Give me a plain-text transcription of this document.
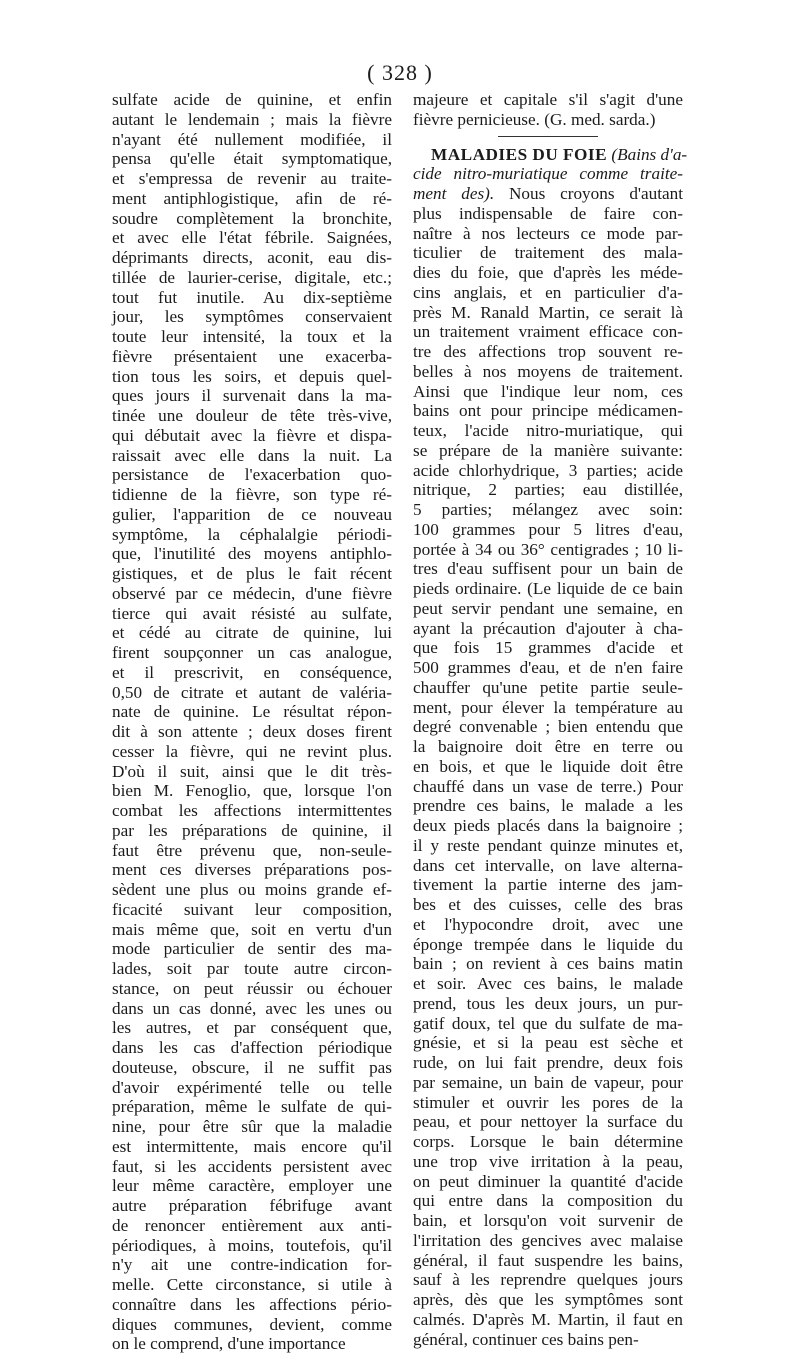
( 328 )
sulfate acide de quinine, et enfin
autant le lendemain ; mais la fièvre
n'ayant été nullement modifiée, il
pensa qu'elle était symptomatique,
et s'empressa de revenir au traite-
ment antiphlogistique, afin de ré-
soudre complètement la bronchite,
et avec elle l'état fébrile. Saignées,
déprimants directs, aconit, eau dis-
tillée de laurier-cerise, digitale, etc.;
tout fut inutile. Au dix-septième
jour, les symptômes conservaient
toute leur intensité, la toux et la
fièvre présentaient une exacerba-
tion tous les soirs, et depuis quel-
ques jours il survenait dans la ma-
tinée une douleur de tête très-vive,
qui débutait avec la fièvre et dispa-
raissait avec elle dans la nuit. La
persistance de l'exacerbation quo-
tidienne de la fièvre, son type ré-
gulier, l'apparition de ce nouveau
symptôme, la céphalalgie périodi-
que, l'inutilité des moyens antiphlo-
gistiques, et de plus le fait récent
observé par ce médecin, d'une fièvre
tierce qui avait résisté au sulfate,
et cédé au citrate de quinine, lui
firent soupçonner un cas analogue,
et il prescrivit, en conséquence,
0,50 de citrate et autant de valéria-
nate de quinine. Le résultat répon-
dit à son attente ; deux doses firent
cesser la fièvre, qui ne revint plus.
D'où il suit, ainsi que le dit très-
bien M. Fenoglio, que, lorsque l'on
combat les affections intermittentes
par les préparations de quinine, il
faut être prévenu que, non-seule-
ment ces diverses préparations pos-
sèdent une plus ou moins grande ef-
ficacité suivant leur composition,
mais même que, soit en vertu d'un
mode particulier de sentir des ma-
lades, soit par toute autre circon-
stance, on peut réussir ou échouer
dans un cas donné, avec les unes ou
les autres, et par conséquent que,
dans les cas d'affection périodique
douteuse, obscure, il ne suffit pas
d'avoir expérimenté telle ou telle
préparation, même le sulfate de qui-
nine, pour être sûr que la maladie
est intermittente, mais encore qu'il
faut, si les accidents persistent avec
leur même caractère, employer une
autre préparation fébrifuge avant
de renoncer entièrement aux anti-
périodiques, à moins, toutefois, qu'il
n'y ait une contre-indication for-
melle. Cette circonstance, si utile à
connaître dans les affections pério-
diques communes, devient, comme
on le comprend, d'une importance
majeure et capitale s'il s'agit d'une
fièvre pernicieuse. (G. med. sarda.)
MALADIES DU FOIE (Bains d'a-
cide nitro-muriatique comme traite-
ment des). Nous croyons d'autant
plus indispensable de faire con-
naître à nos lecteurs ce mode par-
ticulier de traitement des mala-
dies du foie, que d'après les méde-
cins anglais, et en particulier d'a-
près M. Ranald Martin, ce serait là
un traitement vraiment efficace con-
tre des affections trop souvent re-
belles à nos moyens de traitement.
Ainsi que l'indique leur nom, ces
bains ont pour principe médicamen-
teux, l'acide nitro-muriatique, qui
se prépare de la manière suivante:
acide chlorhydrique, 3 parties; acide
nitrique, 2 parties; eau distillée,
5 parties; mélangez avec soin:
100 grammes pour 5 litres d'eau,
portée à 34 ou 36° centigrades ; 10 li-
tres d'eau suffisent pour un bain de
pieds ordinaire. (Le liquide de ce bain
peut servir pendant une semaine, en
ayant la précaution d'ajouter à cha-
que fois 15 grammes d'acide et
500 grammes d'eau, et de n'en faire
chauffer qu'une petite partie seule-
ment, pour élever la température au
degré convenable ; bien entendu que
la baignoire doit être en terre ou
en bois, et que le liquide doit être
chauffé dans un vase de terre.) Pour
prendre ces bains, le malade a les
deux pieds placés dans la baignoire ;
il y reste pendant quinze minutes et,
dans cet intervalle, on lave alterna-
tivement la partie interne des jam-
bes et des cuisses, celle des bras
et l'hypocondre droit, avec une
éponge trempée dans le liquide du
bain ; on revient à ces bains matin
et soir. Avec ces bains, le malade
prend, tous les deux jours, un pur-
gatif doux, tel que du sulfate de ma-
gnésie, et si la peau est sèche et
rude, on lui fait prendre, deux fois
par semaine, un bain de vapeur, pour
stimuler et ouvrir les pores de la
peau, et pour nettoyer la surface du
corps. Lorsque le bain détermine
une trop vive irritation à la peau,
on peut diminuer la quantité d'acide
qui entre dans la composition du
bain, et lorsqu'on voit survenir de
l'irritation des gencives avec malaise
général, il faut suspendre les bains,
sauf à les reprendre quelques jours
après, dès que les symptômes sont
calmés. D'après M. Martin, il faut en
général, continuer ces bains pen-
